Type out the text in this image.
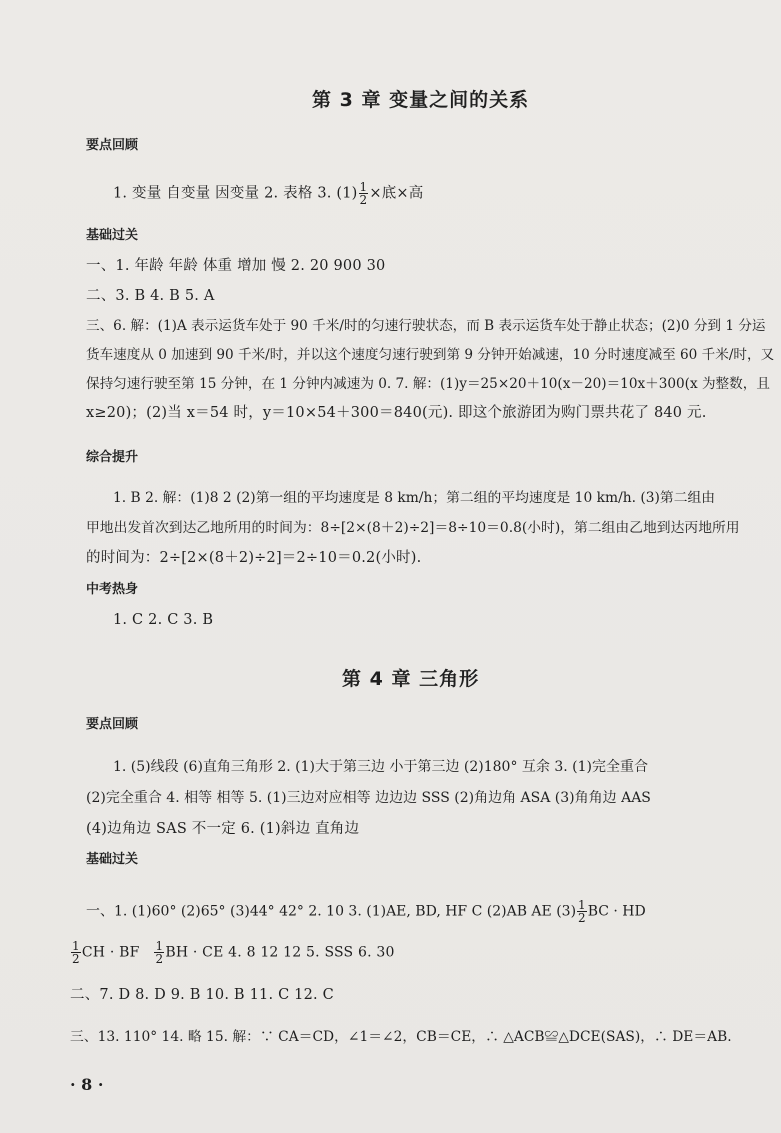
第 3 章 变量之间的关系
要点回顾
1. 变量 自变量 因变量 2. 表格 3. $(1) \frac{1}{2}$ ×底×高
基础过关
一、1. 年龄 年龄 体重 增加 慢 2. 20 900 30
二、3. B 4. B 5. A
三、6. 解：(1)A 表示运货车处于 90 千米/时的匀速行驶状态，而 B 表示运货车处于静止状态；(2)0 分到 1 分运
货车速度从 0 加速到 90 千米/时，并以这个速度匀速行驶到第 9 分钟开始减速，10 分时速度减至 60 千米/时，又
保持匀速行驶至第 15 分钟，在 1 分钟内减速为 0. 7. 解：(1)y＝25×20＋10(x－20)＝10x＋300(x 为整数，且
x≥20)；(2)当 x＝54 时，y＝10×54＋300＝840(元). 即这个旅游团为购门票共花了 840 元.
综合提升
1. B 2. 解：(1)8 2 (2)第一组的平均速度是 8 km/h；第二组的平均速度是 10 km/h. (3)第二组由
甲地出发首次到达乙地所用的时间为：8÷[2×(8＋2)÷2]＝8÷10＝0.8(小时)，第二组由乙地到达丙地所用
的时间为：2÷[2×(8＋2)÷2]＝2÷10＝0.2(小时).
中考热身
1. C 2. C 3. B
第 4 章 三角形
要点回顾
1. (5)线段 (6)直角三角形 2. (1)大于第三边 小于第三边 (2)180° 互余 3. (1)完全重合
(2)完全重合 4. 相等 相等 5. (1)三边对应相等 边边边 SSS (2)角边角 ASA (3)角角边 AAS
(4)边角边 SAS 不一定 6. (1)斜边 直角边
基础过关
一、1. (1)60° (2)65° (3)44° 42° 2. 10 3. (1)AE, BD, HF C (2)AB AE $(3) \frac{1}{2}$ BC · HD
$\frac{1}{2}$ CH · BF $\frac{1}{2}$ BH · CE 4. 8 12 12 5. SSS 6. 30
二、7. D 8. D 9. B 10. B 11. C 12. C
三、13. 110° 14. 略 15. 解：∵ CA＝CD，∠1＝∠2，CB＝CE，∴ △ACB≌△DCE(SAS)，∴ DE＝AB.
· 8 ·
